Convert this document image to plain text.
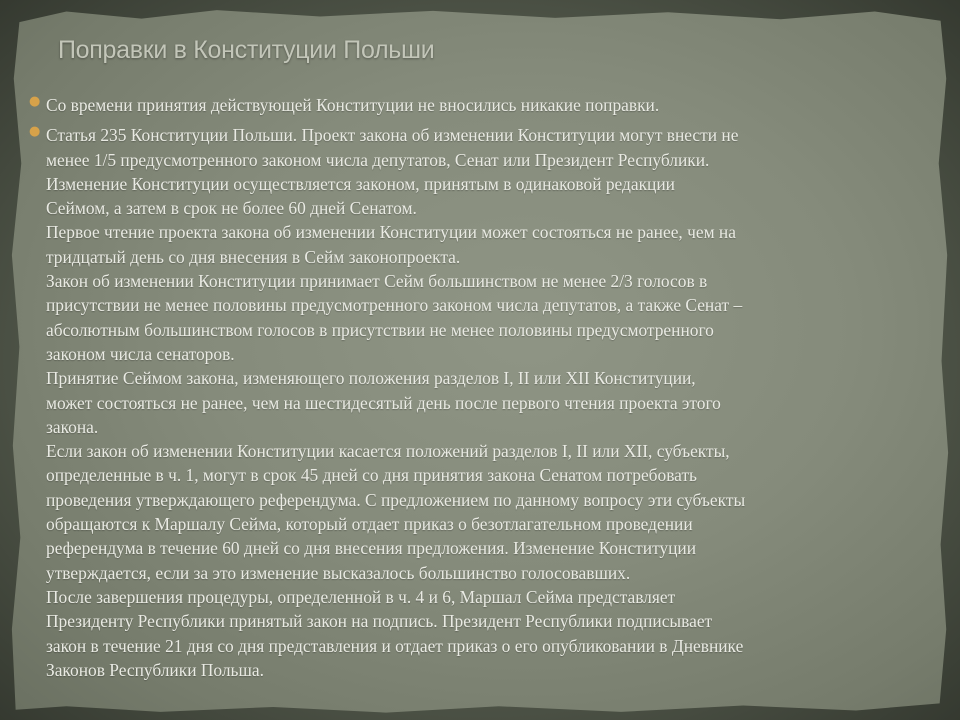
Поправки в Конституции Польши
● Со времени принятия действующей Конституции не вносились никакие поправки.
● Статья 235 Конституции Польши. Проект закона об изменении Конституции могут внести не
менее 1/5 предусмотренного законом числа депутатов, Сенат или Президент Республики.
Изменение Конституции осуществляется законом, принятым в одинаковой редакции
Сеймом, а затем в срок не более 60 дней Сенатом.
Первое чтение проекта закона об изменении Конституции может состояться не ранее, чем на
тридцатый день со дня внесения в Сейм законопроекта.
Закон об изменении Конституции принимает Сейм большинством не менее 2/3 голосов в
присутствии не менее половины предусмотренного законом числа депутатов, а также Сенат –
абсолютным большинством голосов в присутствии не менее половины предусмотренного
законом числа сенаторов.
Принятие Сеймом закона, изменяющего положения разделов I, II или XII Конституции,
может состояться не ранее, чем на шестидесятый день после первого чтения проекта этого
закона.
Если закон об изменении Конституции касается положений разделов I, II или XII, субъекты,
определенные в ч. 1, могут в срок 45 дней со дня принятия закона Сенатом потребовать
проведения утверждающего референдума. С предложением по данному вопросу эти субъекты
обращаются к Маршалу Сейма, который отдает приказ о безотлагательном проведении
референдума в течение 60 дней со дня внесения предложения. Изменение Конституции
утверждается, если за это изменение высказалось большинство голосовавших.
После завершения процедуры, определенной в ч. 4 и 6, Маршал Сейма представляет
Президенту Республики принятый закон на подпись. Президент Республики подписывает
закон в течение 21 дня со дня представления и отдает приказ о его опубликовании в Дневнике
Законов Республики Польша.
